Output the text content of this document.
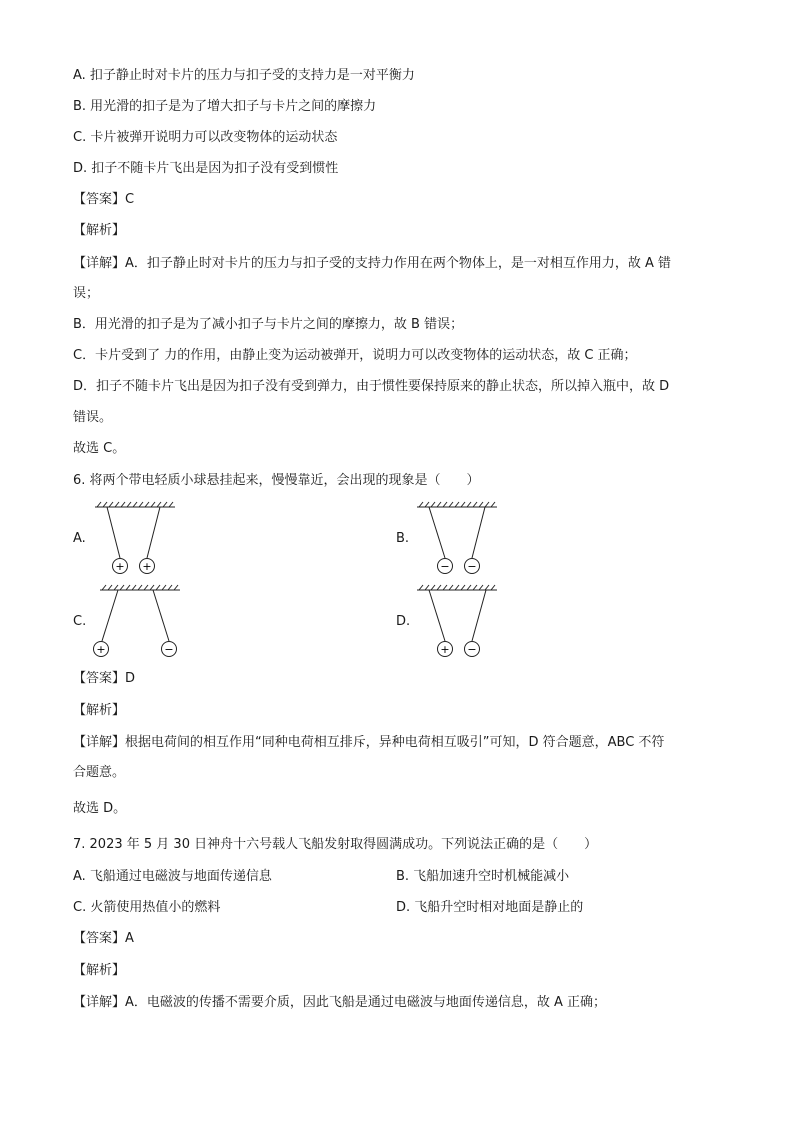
A. 扣子静止时对卡片的压力与扣子受的支持力是一对平衡力
B. 用光滑的扣子是为了增大扣子与卡片之间的摩擦力
C. 卡片被弹开说明力可以改变物体的运动状态
D. 扣子不随卡片飞出是因为扣子没有受到惯性
【答案】C
【解析】
【详解】A．扣子静止时对卡片的压力与扣子受的支持力作用在两个物体上，是一对相互作用力，故 A 错
误；
B．用光滑的扣子是为了减小扣子与卡片之间的摩擦力，故 B 错误；
C．卡片受到了 力的作用，由静止变为运动被弹开，说明力可以改变物体的运动状态，故 C 正确；
D．扣子不随卡片飞出是因为扣子没有受到弹力，由于惯性要保持原来的静止状态，所以掉入瓶中，故 D
错误。
故选 C。
6. 将两个带电轻质小球悬挂起来，慢慢靠近，会出现的现象是（　　）
A.	B.
C.	D.
+ +	− −
+	−	+ −
【答案】D
【解析】
【详解】根据电荷间的相互作用“同种电荷相互排斥，异种电荷相互吸引”可知，D 符合题意，ABC 不符
合题意。
故选 D。
7. 2023 年 5 月 30 日神舟十六号载人飞船发射取得圆满成功。下列说法正确的是（　　）
A. 飞船通过电磁波与地面传递信息	B. 飞船加速升空时机械能减小
C. 火箭使用热值小的燃料	D. 飞船升空时相对地面是静止的
【答案】A
【解析】
【详解】A．电磁波的传播不需要介质，因此飞船是通过电磁波与地面传递信息，故 A 正确；
